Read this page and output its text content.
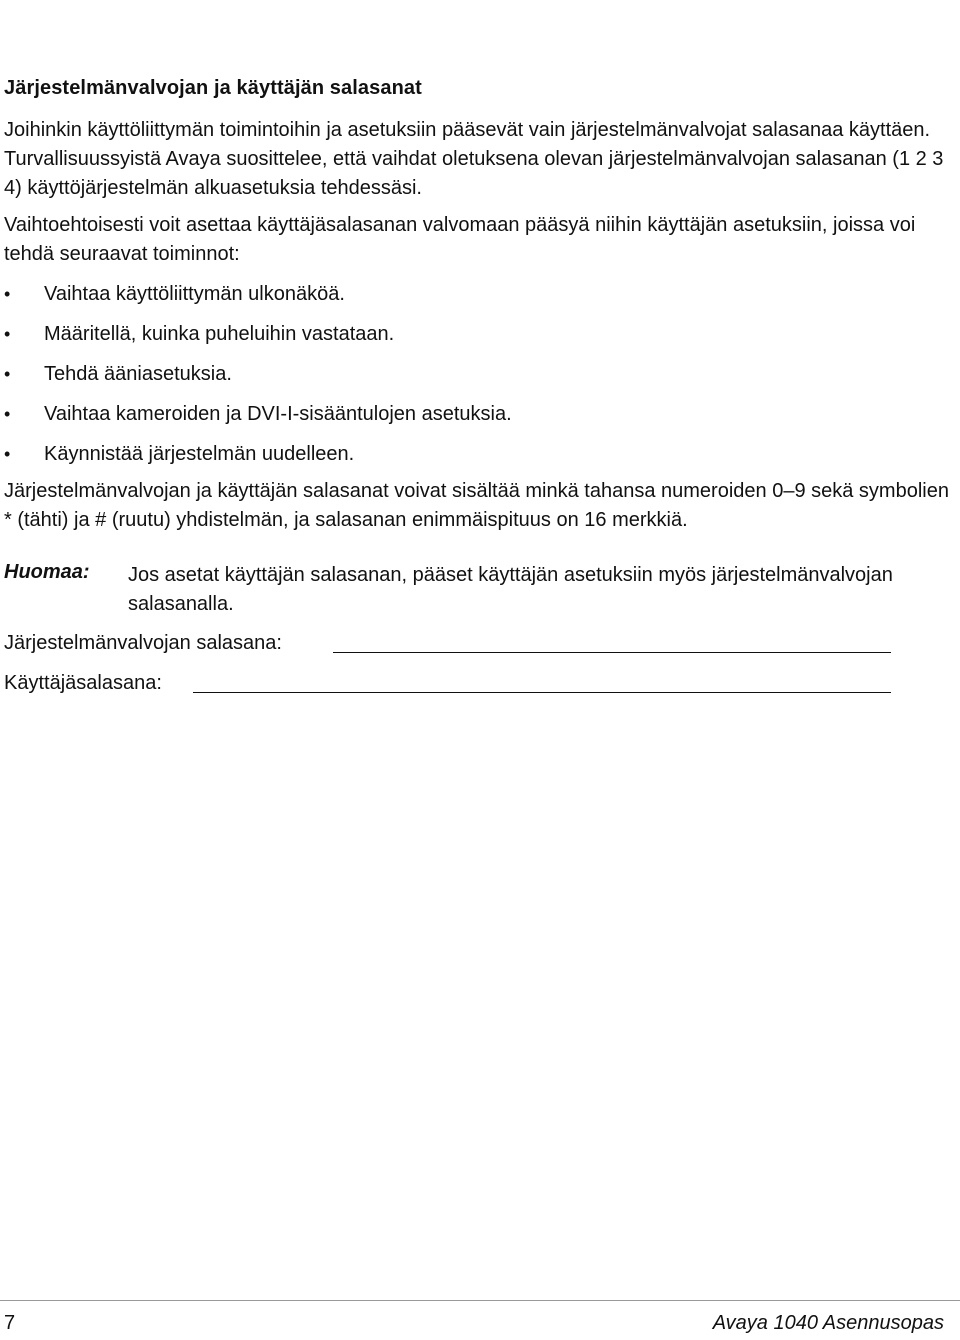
Järjestelmänvalvojan ja käyttäjän salasanat
Joihinkin käyttöliittymän toimintoihin ja asetuksiin pääsevät vain järjestelmänvalvojat salasanaa käyttäen. Turvallisuussyistä Avaya suosittelee, että vaihdat oletuksena olevan järjestelmänvalvojan salasanan (1 2 3 4) käyttöjärjestelmän alkuasetuksia tehdessäsi.
Vaihtoehtoisesti voit asettaa käyttäjäsalasanan valvomaan pääsyä niihin käyttäjän asetuksiin, joissa voi tehdä seuraavat toiminnot:
• Vaihtaa käyttöliittymän ulkonäköä.
• Määritellä, kuinka puheluihin vastataan.
• Tehdä ääniasetuksia.
• Vaihtaa kameroiden ja DVI-I-sisääntulojen asetuksia.
• Käynnistää järjestelmän uudelleen.
Järjestelmänvalvojan ja käyttäjän salasanat voivat sisältää minkä tahansa numeroiden 0–9 sekä symbolien * (tähti) ja # (ruutu) yhdistelmän, ja salasanan enimmäispituus on 16 merkkiä.
Huomaa: Jos asetat käyttäjän salasanan, pääset käyttäjän asetuksiin myös järjestelmänvalvojan salasanalla.
Järjestelmänvalvojan salasana:
Käyttäjäsalasana:
7	Avaya 1040 Asennusopas
